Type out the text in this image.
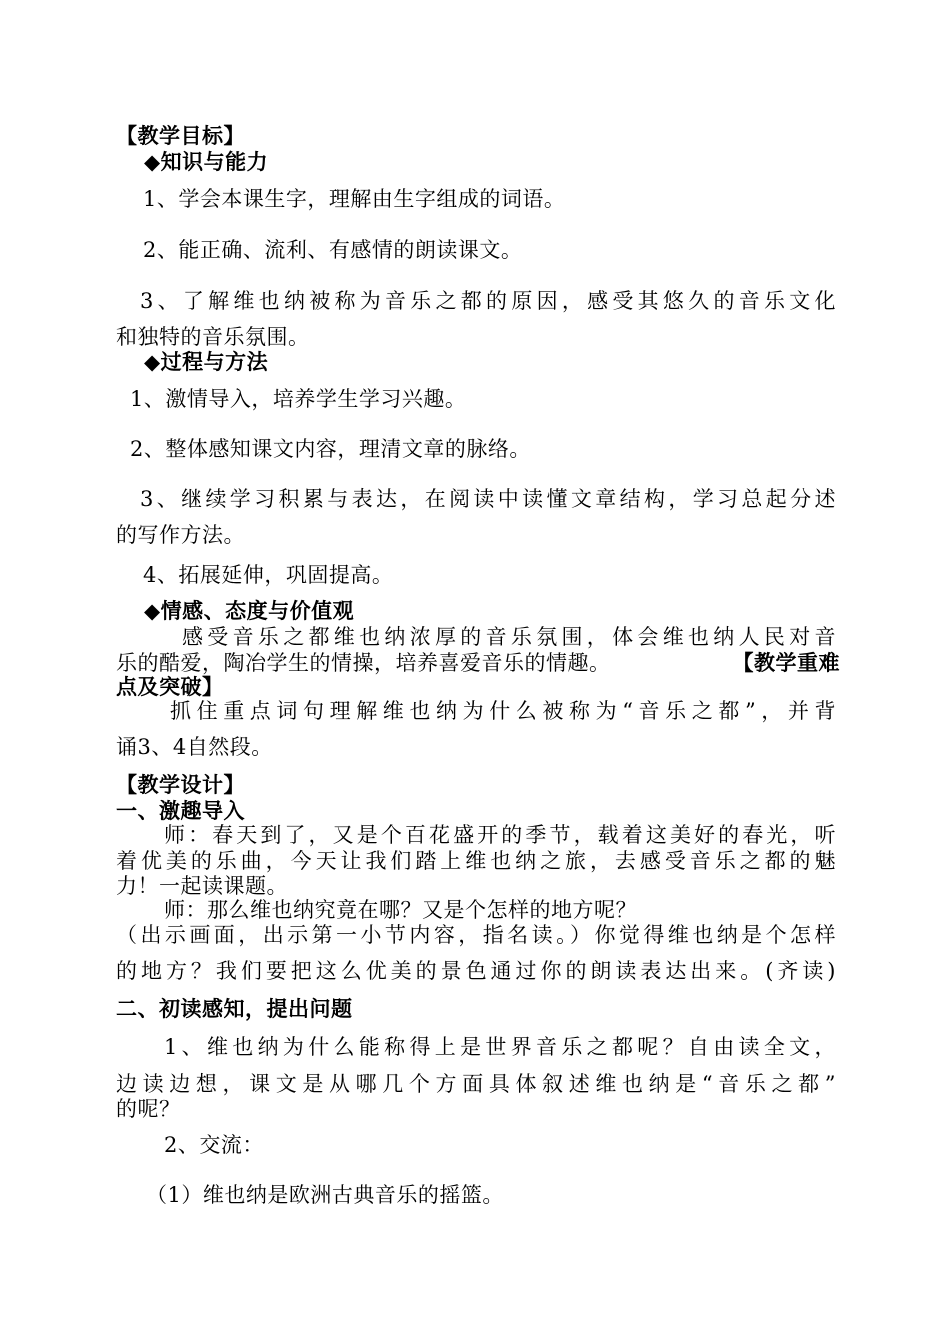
【教学目标】
◆知识与能力
1、学会本课生字，理解由生字组成的词语。
2、能正确、流利、有感情的朗读课文。
3、了解维也纳被称为音乐之都的原因，感受其悠久的音乐文化
和独特的音乐氛围。
◆过程与方法
1、激情导入，培养学生学习兴趣。
2、整体感知课文内容，理清文章的脉络。
3、继续学习积累与表达，在阅读中读懂文章结构，学习总起分述
的写作方法。
4、拓展延伸，巩固提高。
◆情感、态度与价值观
感受音乐之都维也纳浓厚的音乐氛围，体会维也纳人民对音
乐的酷爱，陶冶学生的情操，培养喜爱音乐的情趣。	【教学重难
点及突破】
抓住重点词句理解维也纳为什么被称为“音乐之都”，并背
诵3、4自然段。
【教学设计】
一、激趣导入
师：春天到了，又是个百花盛开的季节，载着这美好的春光，听
着优美的乐曲，今天让我们踏上维也纳之旅，去感受音乐之都的魅
力！一起读课题。
师：那么维也纳究竟在哪？又是个怎样的地方呢？
（出示画面，出示第一小节内容，指名读。）你觉得维也纳是个怎样
的地方？我们要把这么优美的景色通过你的朗读表达出来。(齐读)
二、初读感知，提出问题
1、维也纳为什么能称得上是世界音乐之都呢？自由读全文，
边读边想，课文是从哪几个方面具体叙述维也纳是“音乐之都”
的呢？
2、交流：
（1）维也纳是欧洲古典音乐的摇篮。
